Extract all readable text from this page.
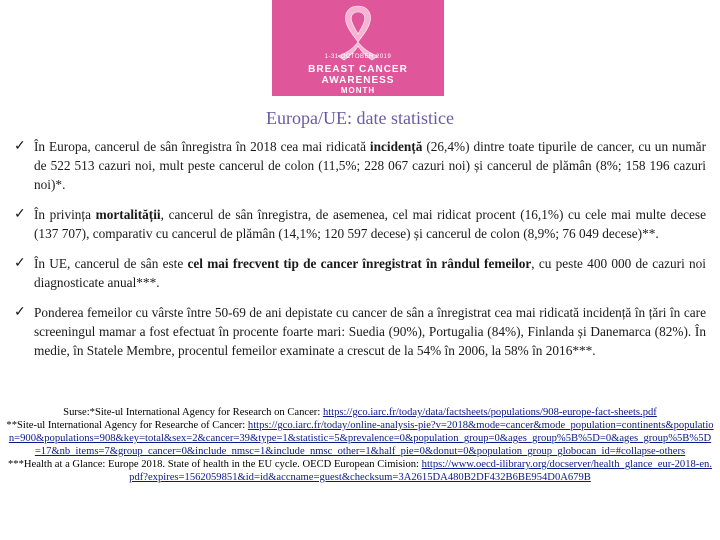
1-31 OCTOBER 2019
BREAST CANCER
AWARENESS
MONTH
Europa/UE: date statistice
✓ În Europa, cancerul de sân înregistra în 2018 cea mai ridicată incidență (26,4%) dintre toate tipurile de cancer, cu un număr de 522 513 cazuri noi, mult peste cancerul de colon (11,5%; 228 067 cazuri noi) și cancerul de plămân (8%; 158 196 cazuri noi)*.
✓ În privința mortalității, cancerul de sân înregistra, de asemenea, cel mai ridicat procent (16,1%) cu cele mai multe decese (137 707), comparativ cu cancerul de plămân (14,1%; 120 597 decese) și cancerul de colon (8,9%; 76 049 decese)**.
✓ În UE, cancerul de sân este cel mai frecvent tip de cancer înregistrat în rândul femeilor, cu peste 400 000 de cazuri noi diagnosticate anual***.
✓ Ponderea femeilor cu vârste între 50-69 de ani depistate cu cancer de sân a înregistrat cea mai ridicată incidență în țări în care screeningul mamar a fost efectuat în procente foarte mari: Suedia (90%), Portugalia (84%), Finlanda și Danemarca (82%). În medie, în Statele Membre, procentul femeilor examinate a crescut de la 54% în 2006, la 58% în 2016***.
Surse:*Site-ul International Agency for Research on Cancer: https://gco.iarc.fr/today/data/factsheets/populations/908-europe-fact-sheets.pdf
**Site-ul International Agency for Researche of Cancer: https://gco.iarc.fr/today/online-analysis-pie?v=2018&mode=cancer&mode_population=continents&population=900&populations=908&key=total&sex=2&cancer=39&type=1&statistic=5&prevalence=0&population_group=0&ages_group%5B%5D=0&ages_group%5B%5D=17&nb_items=7&group_cancer=0&include_nmsc=1&include_nmsc_other=1&half_pie=0&donut=0&population_group_globocan_id=#collapse-others
***Health at a Glance: Europe 2018. State of health in the EU cycle. OECD European Cimision: https://www.oecd-ilibrary.org/docserver/health_glance_eur-2018-en.pdf?expires=1562059851&id=id&accname=guest&checksum=3A2615DA480B2DF432B6BE954D0A679B
